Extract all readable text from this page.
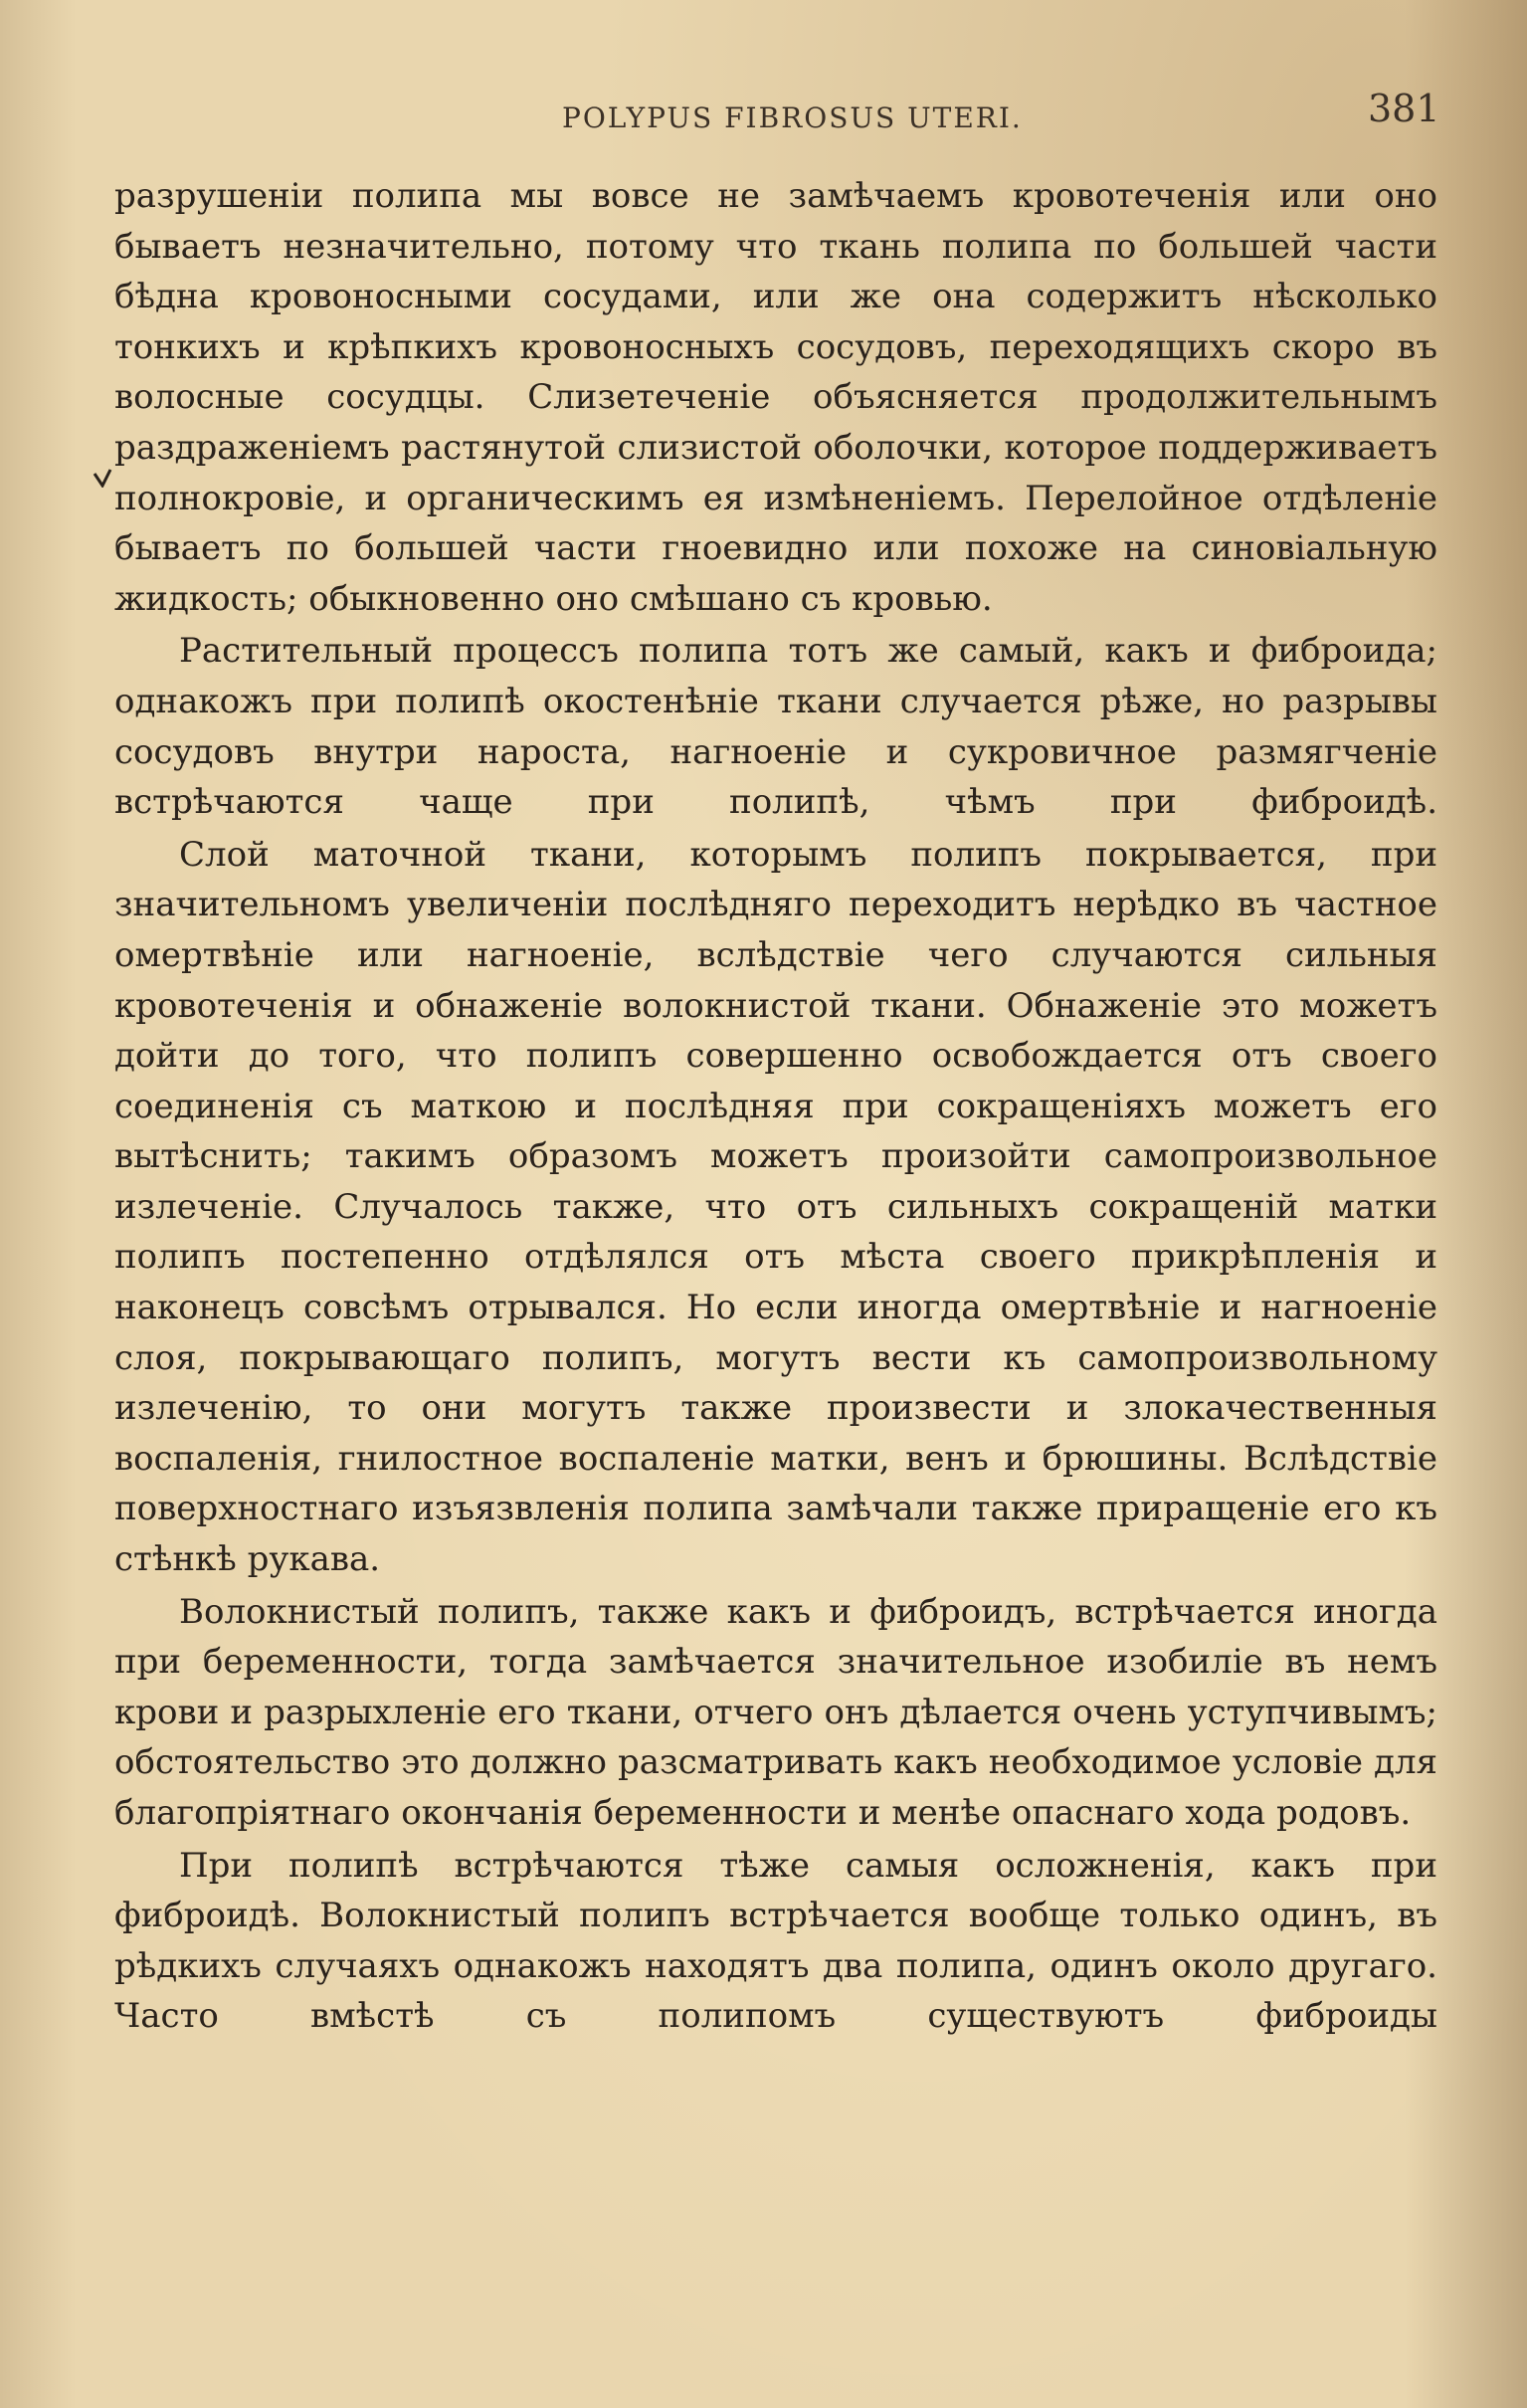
POLYPUS FIBROSUS UTERI.	381

разрушеніи полипа мы вовсе не замѣчаемъ кровотеченія или оно бываетъ незначительно, потому что ткань полипа по большей части бѣдна кровоносными сосудами, или же она содержитъ нѣсколько тонкихъ и крѣпкихъ кровоносныхъ сосудовъ, переходящихъ скоро въ волосные сосудцы. Слизетеченіе объясняется продолжительнымъ раздраженіемъ растянутой слизистой оболочки, которое поддерживаетъ полнокровіе, и органическимъ ея измѣненіемъ. Перелойное отдѣленіе бываетъ по большей части гноевидно или похоже на синовіальную жидкость; обыкновенно оно смѣшано съ кровью.

Растительный процессъ полипа тотъ же самый, какъ и фиброида; однакожъ при полипѣ окостенѣніе ткани случается рѣже, но разрывы сосудовъ внутри нароста, нагноеніе и сукровичное размягченіе встрѣчаются чаще при полипѣ, чѣмъ при фиброидѣ.

Слой маточной ткани, которымъ полипъ покрывается, при значительномъ увеличеніи послѣдняго переходитъ нерѣдко въ частное омертвѣніе или нагноеніе, вслѣдствіе чего случаются сильныя кровотеченія и обнаженіе волокнистой ткани. Обнаженіе это можетъ дойти до того, что полипъ совершенно освобождается отъ своего соединенія съ маткою и послѣдняя при сокращеніяхъ можетъ его вытѣснить; такимъ образомъ можетъ произойти самопроизвольное излеченіе. Случалось также, что отъ сильныхъ сокращеній матки полипъ постепенно отдѣлялся отъ мѣста своего прикрѣпленія и наконецъ совсѣмъ отрывался. Но если иногда омертвѣніе и нагноеніе слоя, покрывающаго полипъ, могутъ вести къ самопроизвольному излеченію, то они могутъ также произвести и злокачественныя воспаленія, гнилостное воспаленіе матки, венъ и брюшины. Вслѣдствіе поверхностнаго изъязвленія полипа замѣчали также приращеніе его къ стѣнкѣ рукава.

Волокнистый полипъ, также какъ и фиброидъ, встрѣчается иногда при беременности, тогда замѣчается значительное изобиліе въ немъ крови и разрыхленіе его ткани, отчего онъ дѣлается очень уступчивымъ; обстоятельство это должно разсматривать какъ необходимое условіе для благопріятнаго окончанія беременности и менѣе опаснаго хода родовъ.

При полипѣ встрѣчаются тѣже самыя осложненія, какъ при фиброидѣ. Волокнистый полипъ встрѣчается вообще только одинъ, въ рѣдкихъ случаяхъ однакожъ находятъ два полипа, одинъ около другаго. Часто вмѣстѣ съ полипомъ существуютъ фиброиды
